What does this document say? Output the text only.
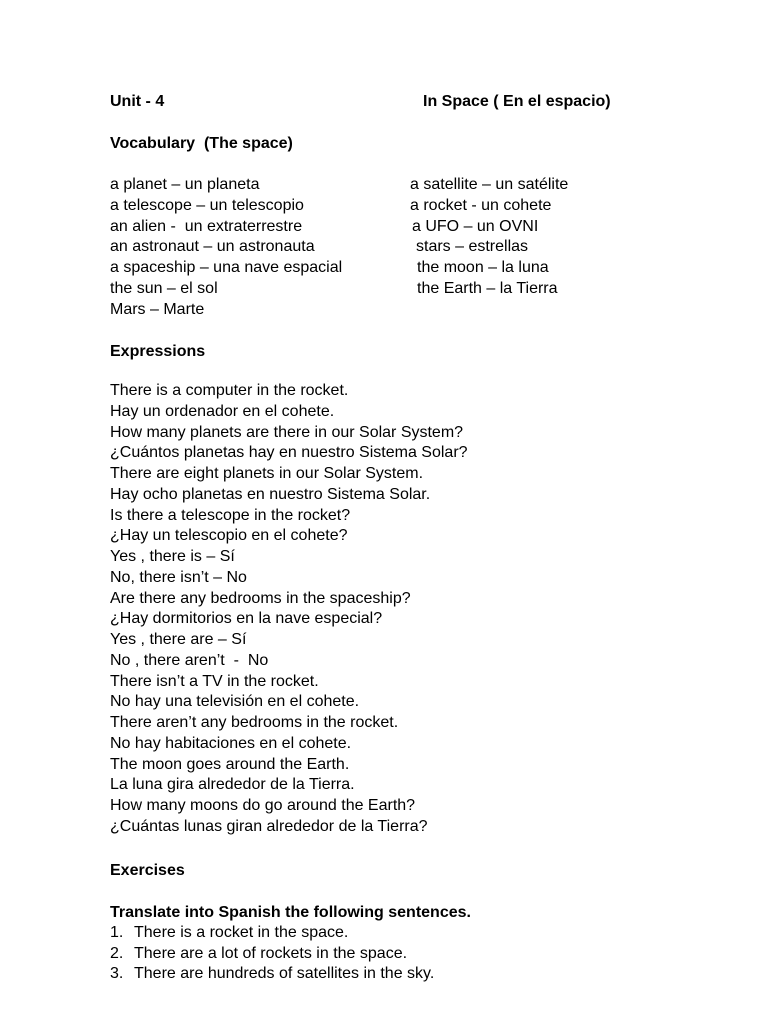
Unit - 4	In Space ( En el espacio)
Vocabulary  (The space)
a planet – un planeta	a satellite – un satélite
a telescope – un telescopio	a rocket - un cohete
an alien -  un extraterrestre	a UFO – un OVNI
an astronaut – un astronauta	stars – estrellas
a spaceship – una nave espacial	the moon – la luna
the sun – el sol	the Earth – la Tierra
Mars – Marte
Expressions
There is a computer in the rocket.
Hay un ordenador en el cohete.
How many planets are there in our Solar System?
¿Cuántos planetas hay en nuestro Sistema Solar?
There are eight planets in our Solar System.
Hay ocho planetas en nuestro Sistema Solar.
Is there a telescope in the rocket?
¿Hay un telescopio en el cohete?
Yes , there is – Sí
No, there isn’t – No
Are there any bedrooms in the spaceship?
¿Hay dormitorios en la nave especial?
Yes , there are – Sí
No , there aren’t  -  No
There isn’t a TV in the rocket.
No hay una televisión en el cohete.
There aren’t any bedrooms in the rocket.
No hay habitaciones en el cohete.
The moon goes around the Earth.
La luna gira alrededor de la Tierra.
How many moons do go around the Earth?
¿Cuántas lunas giran alrededor de la Tierra?
Exercises
Translate into Spanish the following sentences.
1. There is a rocket in the space.
2. There are a lot of rockets in the space.
3. There are hundreds of satellites in the sky.
